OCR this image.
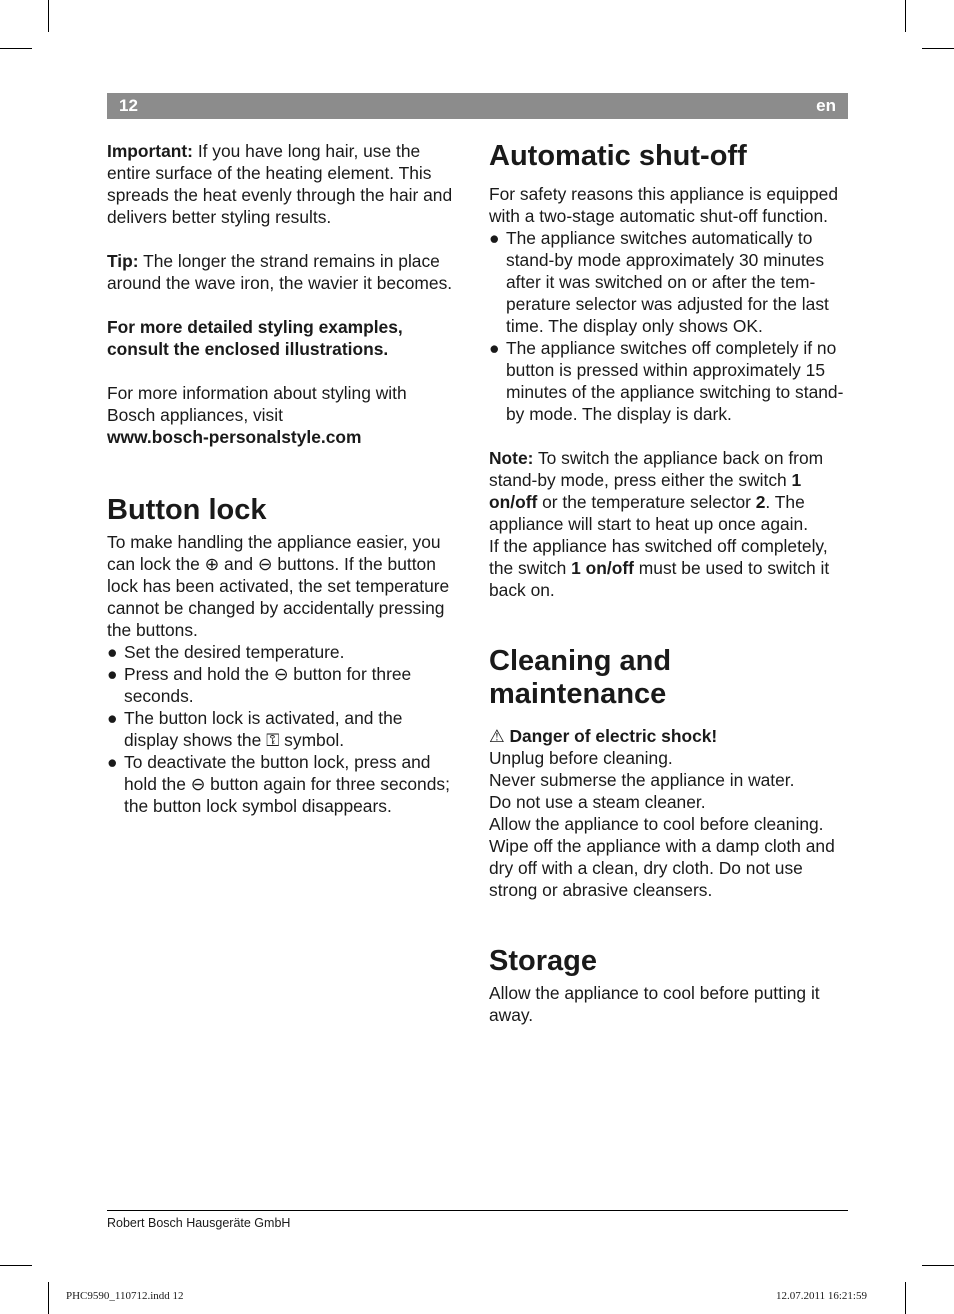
12	en

Important: If you have long hair, use the entire surface of the heating element. This spreads the heat evenly through the hair and delivers better styling results.

Tip: The longer the strand remains in place around the wave iron, the wavier it becomes.

For more detailed styling examples, consult the enclosed illustrations.

For more information about styling with Bosch appliances, visit

www.bosch-personalstyle.com

Button lock

To make handling the appliance easier, you can lock the ⊕ and ⊖ buttons. If the button lock has been activated, the set temperature cannot be changed by accidentally pressing the buttons.

● Set the desired temperature.
● Press and hold the ⊖ button for three seconds.
● The button lock is activated, and the display shows the ⚿ symbol.
● To deactivate the button lock, press and hold the ⊖ button again for three seconds; the button lock symbol disappears.
Automatic shut-off

For safety reasons this appliance is equipped with a two-stage automatic shut-off function.

● The appliance switches automatically to stand-by mode approximately 30 minutes after it was switched on or after the tem-perature selector was adjusted for the last time. The display only shows OK.
● The appliance switches off completely if no button is pressed within approximately 15 minutes of the appliance switching to stand-by mode. The display is dark.

Note: To switch the appliance back on from stand-by mode, press either the switch 1 on/off or the temperature selector 2. The appliance will start to heat up once again.

If the appliance has switched off completely, the switch 1 on/off must be used to switch it back on.

Cleaning and
maintenance

⚠ Danger of electric shock!

Unplug before cleaning.

Never submerse the appliance in water.

Do not use a steam cleaner.

Allow the appliance to cool before cleaning.

Wipe off the appliance with a damp cloth and dry off with a clean, dry cloth. Do not use strong or abrasive cleansers.

Storage

Allow the appliance to cool before putting it away.

Robert Bosch Hausgeräte GmbH
PHC9590_110712.indd 12	12.07.2011 16:21:59
